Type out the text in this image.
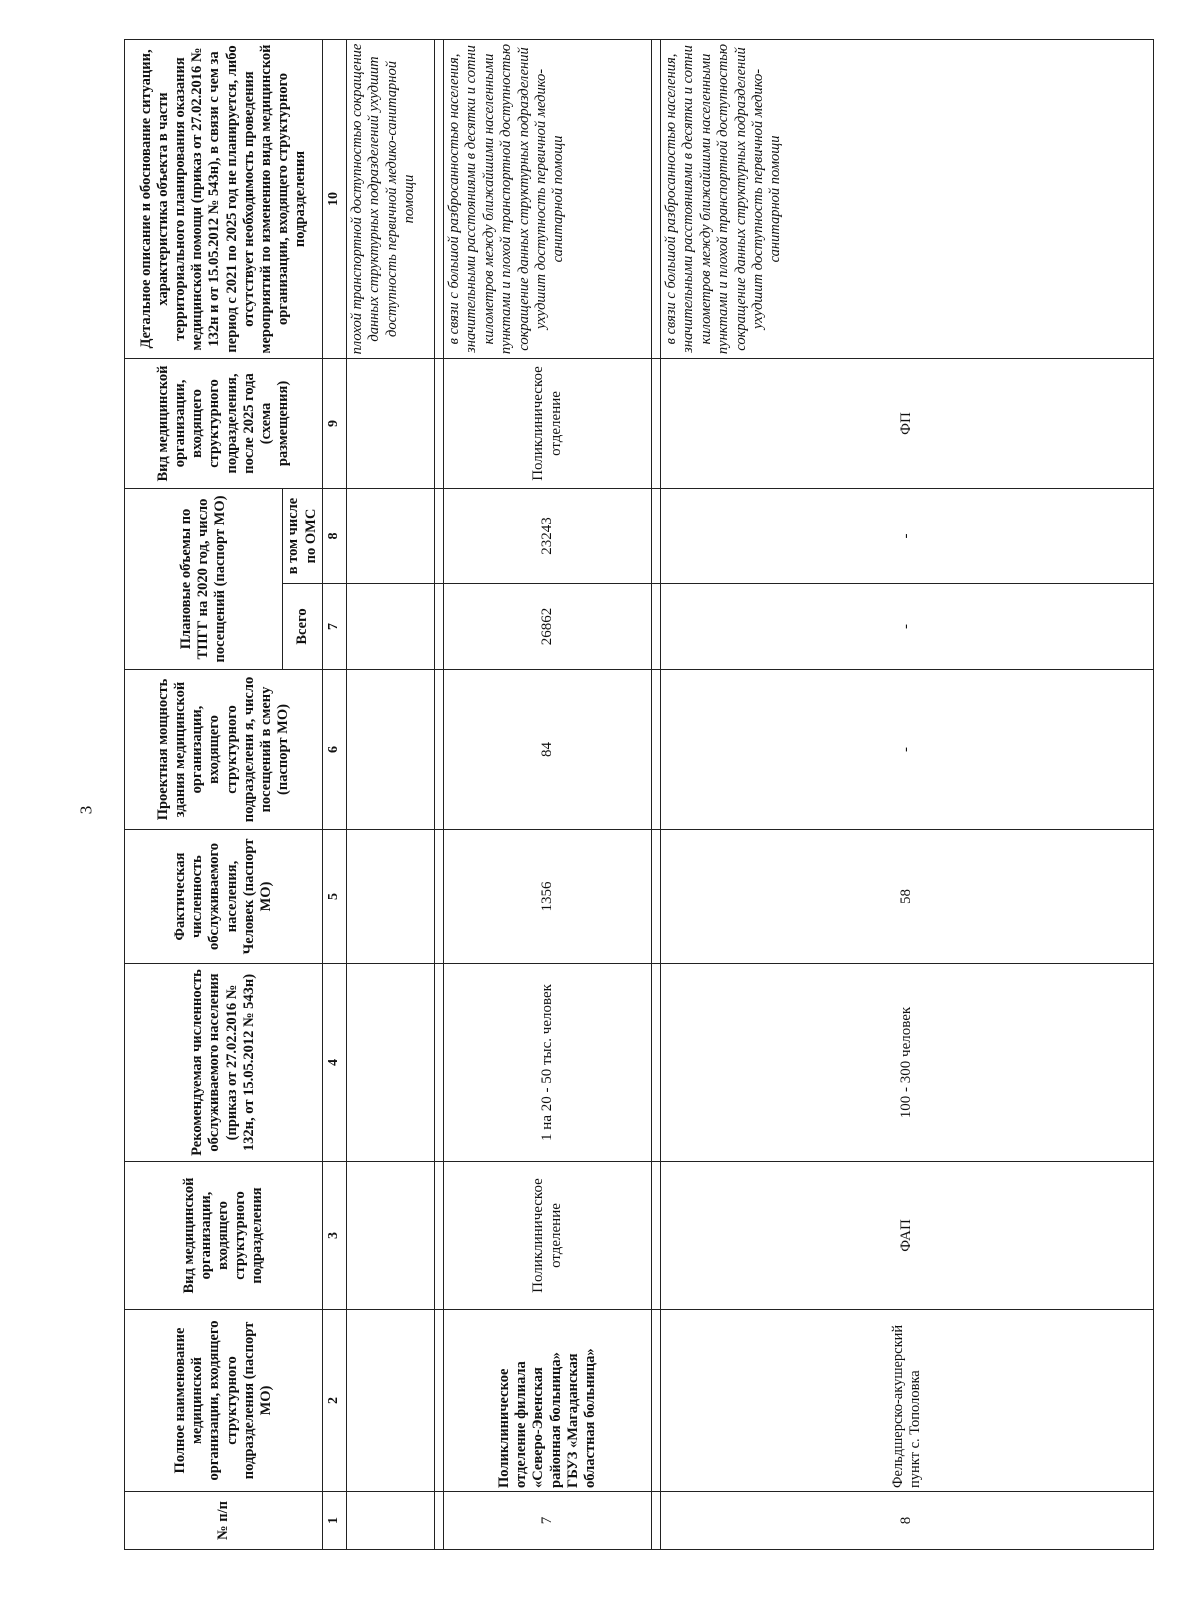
3
№ п/п	Полное наименование медицинской организации, входящего структурного подразделения (паспорт МО)	Вид медицинской организации, входящего структурного подразделения	Рекомендуемая численность обслуживаемого населения (приказ от 27.02.2016 № 132н, от 15.05.2012 № 543н)	Фактическая численность обслуживаемого населения, Человек (паспорт МО)	Проектная мощность здания медицинской организации, входящего структурного подразделени я, число посещений в смену (паспорт МО)	Плановые объемы по ТПГГ на 2020 год, число посещений (паспорт МО)		Вид медицинской организации, входящего структурного подразделения, после 2025 года (схема размещения)	Детальное описание и обоснование ситуации, характеристика объекта в части территориального планирования оказания медицинской помощи (приказ от 27.02.2016 № 132н и от 15.05.2012 № 543н), в связи с чем за период с 2021 по 2025 год не планируется, либо отсутствует необходимость проведения мероприятий по изменению вида медицинской организации, входящего структурного подразделения
						Всего	в том числе по ОМС		
1	2	3	4	5	6	7	8	9	10
									плохой транспортной доступностью сокращение данных структурных подразделений ухудшит доступность первичной медико-санитарной помощи

7	Поликлиническое отделение филиала «Северо-Эвенская районная больница» ГБУЗ «Магаданская областная больница»	Поликлиническое отделение	1 на 20 - 50 тыс. человек	1356	84	26862	23243	Поликлиническое отделение	в связи с большой разбросанностью населения, значительными расстояниями в десятки и сотни километров между ближайшими населенными пунктами и плохой транспортной доступностью сокращение данных структурных подразделений ухудшит доступность первичной медико-санитарной помощи

8	Фельдшерско-акушерский пункт с. Тополовка	ФАП	100 - 300 человек	58	-	-	-	ФП	в связи с большой разбросанностью населения, значительными расстояниями в десятки и сотни километров между ближайшими населенными пунктами и плохой транспортной доступностью сокращение данных структурных подразделений ухудшит доступность первичной медико-санитарной помощи
